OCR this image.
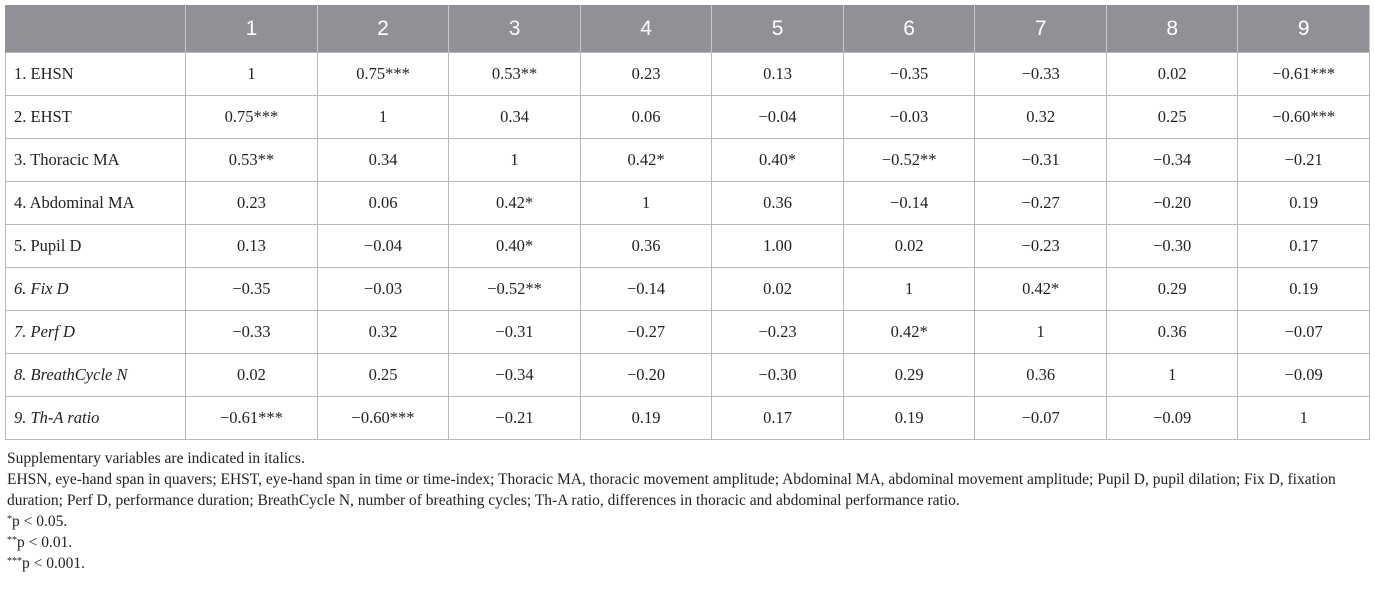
	1	2	3	4	5	6	7	8	9
1. EHSN	1	0.75***	0.53**	0.23	0.13	−0.35	−0.33	0.02	−0.61***
2. EHST	0.75***	1	0.34	0.06	−0.04	−0.03	0.32	0.25	−0.60***
3. Thoracic MA	0.53**	0.34	1	0.42*	0.40*	−0.52**	−0.31	−0.34	−0.21
4. Abdominal MA	0.23	0.06	0.42*	1	0.36	−0.14	−0.27	−0.20	0.19
5. Pupil D	0.13	−0.04	0.40*	0.36	1.00	0.02	−0.23	−0.30	0.17
6. Fix D	−0.35	−0.03	−0.52**	−0.14	0.02	1	0.42*	0.29	0.19
7. Perf D	−0.33	0.32	−0.31	−0.27	−0.23	0.42*	1	0.36	−0.07
8. BreathCycle N	0.02	0.25	−0.34	−0.20	−0.30	0.29	0.36	1	−0.09
9. Th-A ratio	−0.61***	−0.60***	−0.21	0.19	0.17	0.19	−0.07	−0.09	1

Supplementary variables are indicated in italics.

EHSN, eye-hand span in quavers; EHST, eye-hand span in time or time-index; Thoracic MA, thoracic movement amplitude; Abdominal MA, abdominal movement amplitude; Pupil D, pupil dilation; Fix D, fixation duration; Perf D, performance duration; BreathCycle N, number of breathing cycles; Th-A ratio, differences in thoracic and abdominal performance ratio.

*p < 0.05.

**p < 0.01.

***p < 0.001.
